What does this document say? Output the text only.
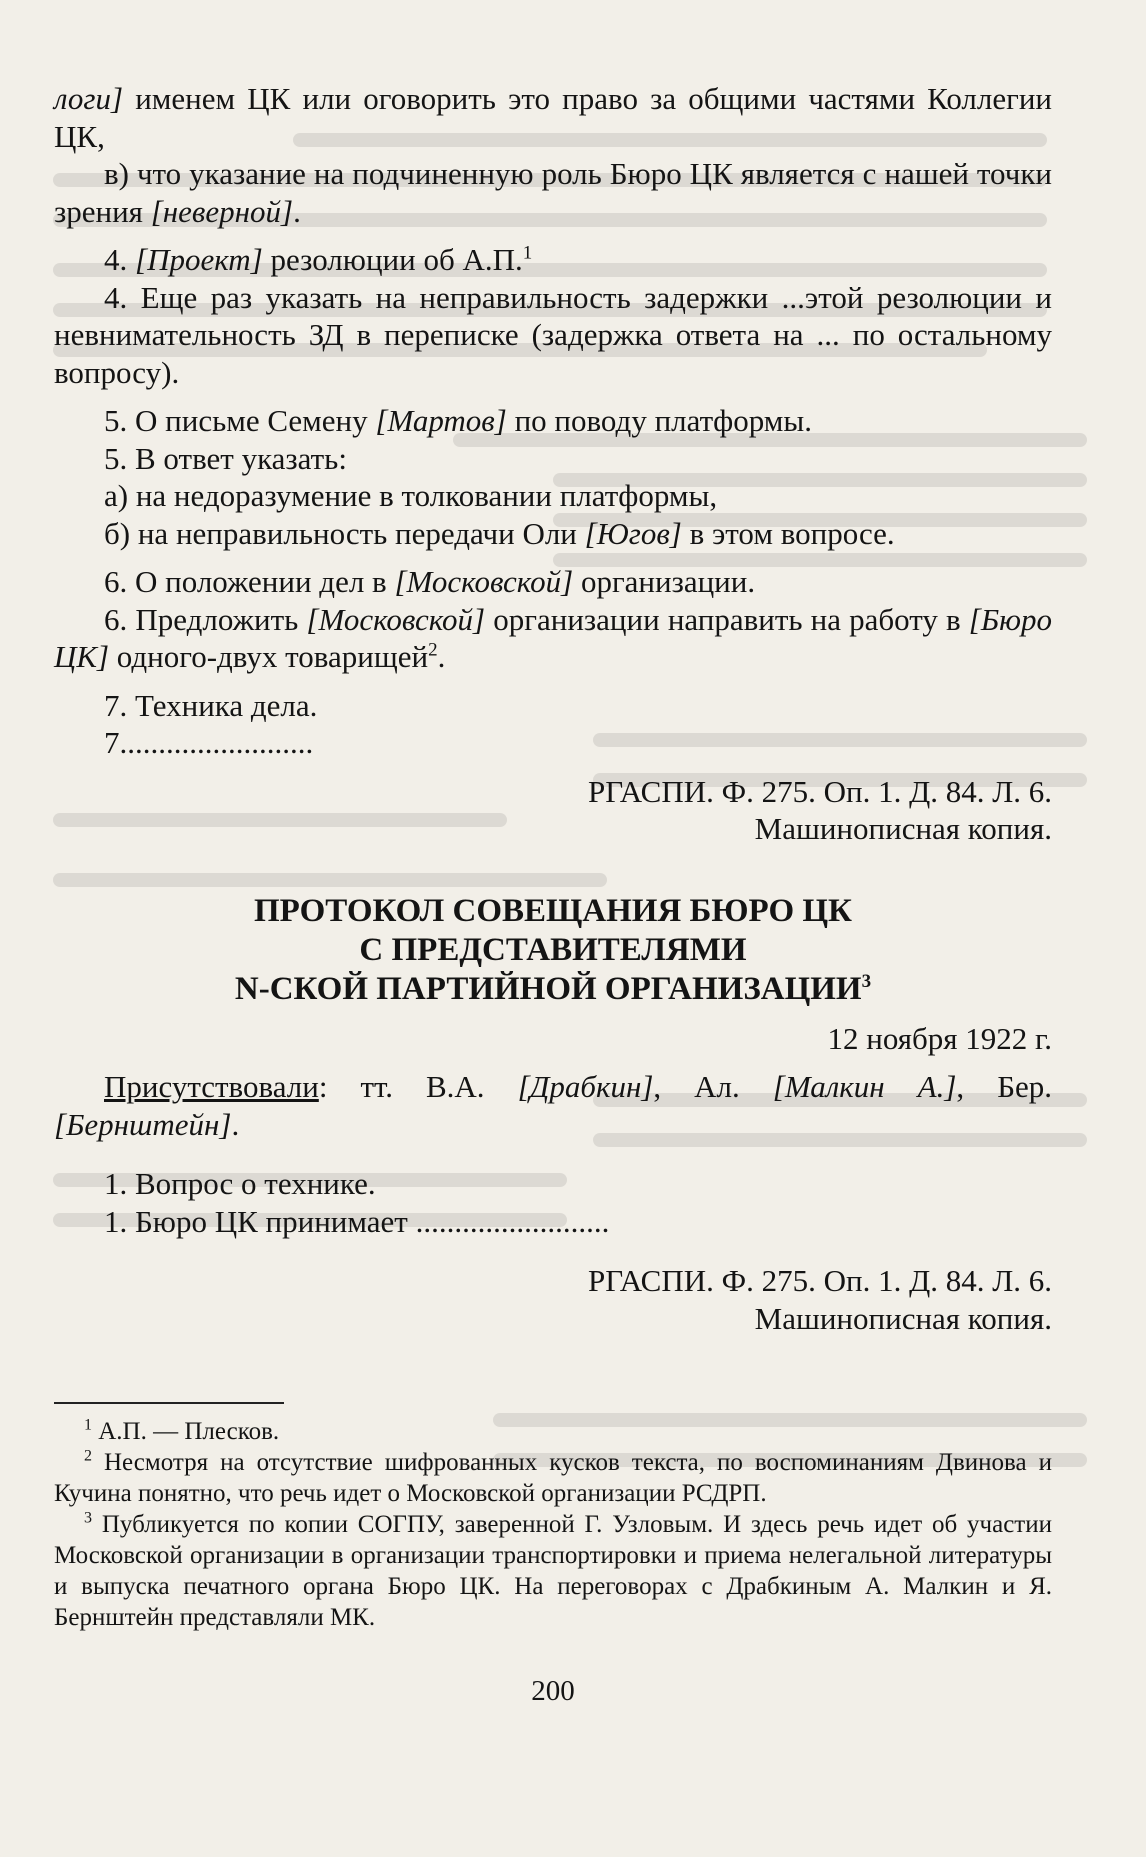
логи] именем ЦК или оговорить это право за общими частями Коллегии ЦК,

в) что указание на подчиненную роль Бюро ЦК является с нашей точки зрения [неверной].

4. [Проект] резолюции об А.П.$^1$

4. Еще раз указать на неправильность задержки ...этой резолюции и невнимательность ЗД в переписке (задержка ответа на ... по остальному вопросу).

5. О письме Семену [Мартов] по поводу платформы.

5. В ответ указать:

а) на недоразумение в толковании платформы,

б) на неправильность передачи Оли [Югов] в этом вопросе.

6. О положении дел в [Московской] организации.

6. Предложить [Московской] организации направить на работу в [Бюро ЦК] одного-двух товарищей$^2$.

7. Техника дела.

7.........................

РГАСПИ. Ф. 275. Оп. 1. Д. 84. Л. 6.

Машинописная копия.

ПРОТОКОЛ СОВЕЩАНИЯ БЮРО ЦК
С ПРЕДСТАВИТЕЛЯМИ
N-СКОЙ ПАРТИЙНОЙ ОРГАНИЗАЦИИ$^3$

12 ноября 1922 г.

Присутствовали: тт. В.А. [Драбкин], Ал. [Малкин А.], Бер. [Бернштейн].

1. Вопрос о технике.

1. Бюро ЦК принимает .........................

РГАСПИ. Ф. 275. Оп. 1. Д. 84. Л. 6.

Машинописная копия.

$^1$ А.П. — Плесков.

$^2$ Несмотря на отсутствие шифрованных кусков текста, по воспоминаниям Двинова и Кучина понятно, что речь идет о Московской организации РСДРП.

$^3$ Публикуется по копии СОГПУ, заверенной Г. Узловым. И здесь речь идет об участии Московской организации в организации транспортировки и приема нелегальной литературы и выпуска печатного органа Бюро ЦК. На переговорах с Драбкиным А. Малкин и Я. Бернштейн представляли МК.

200
